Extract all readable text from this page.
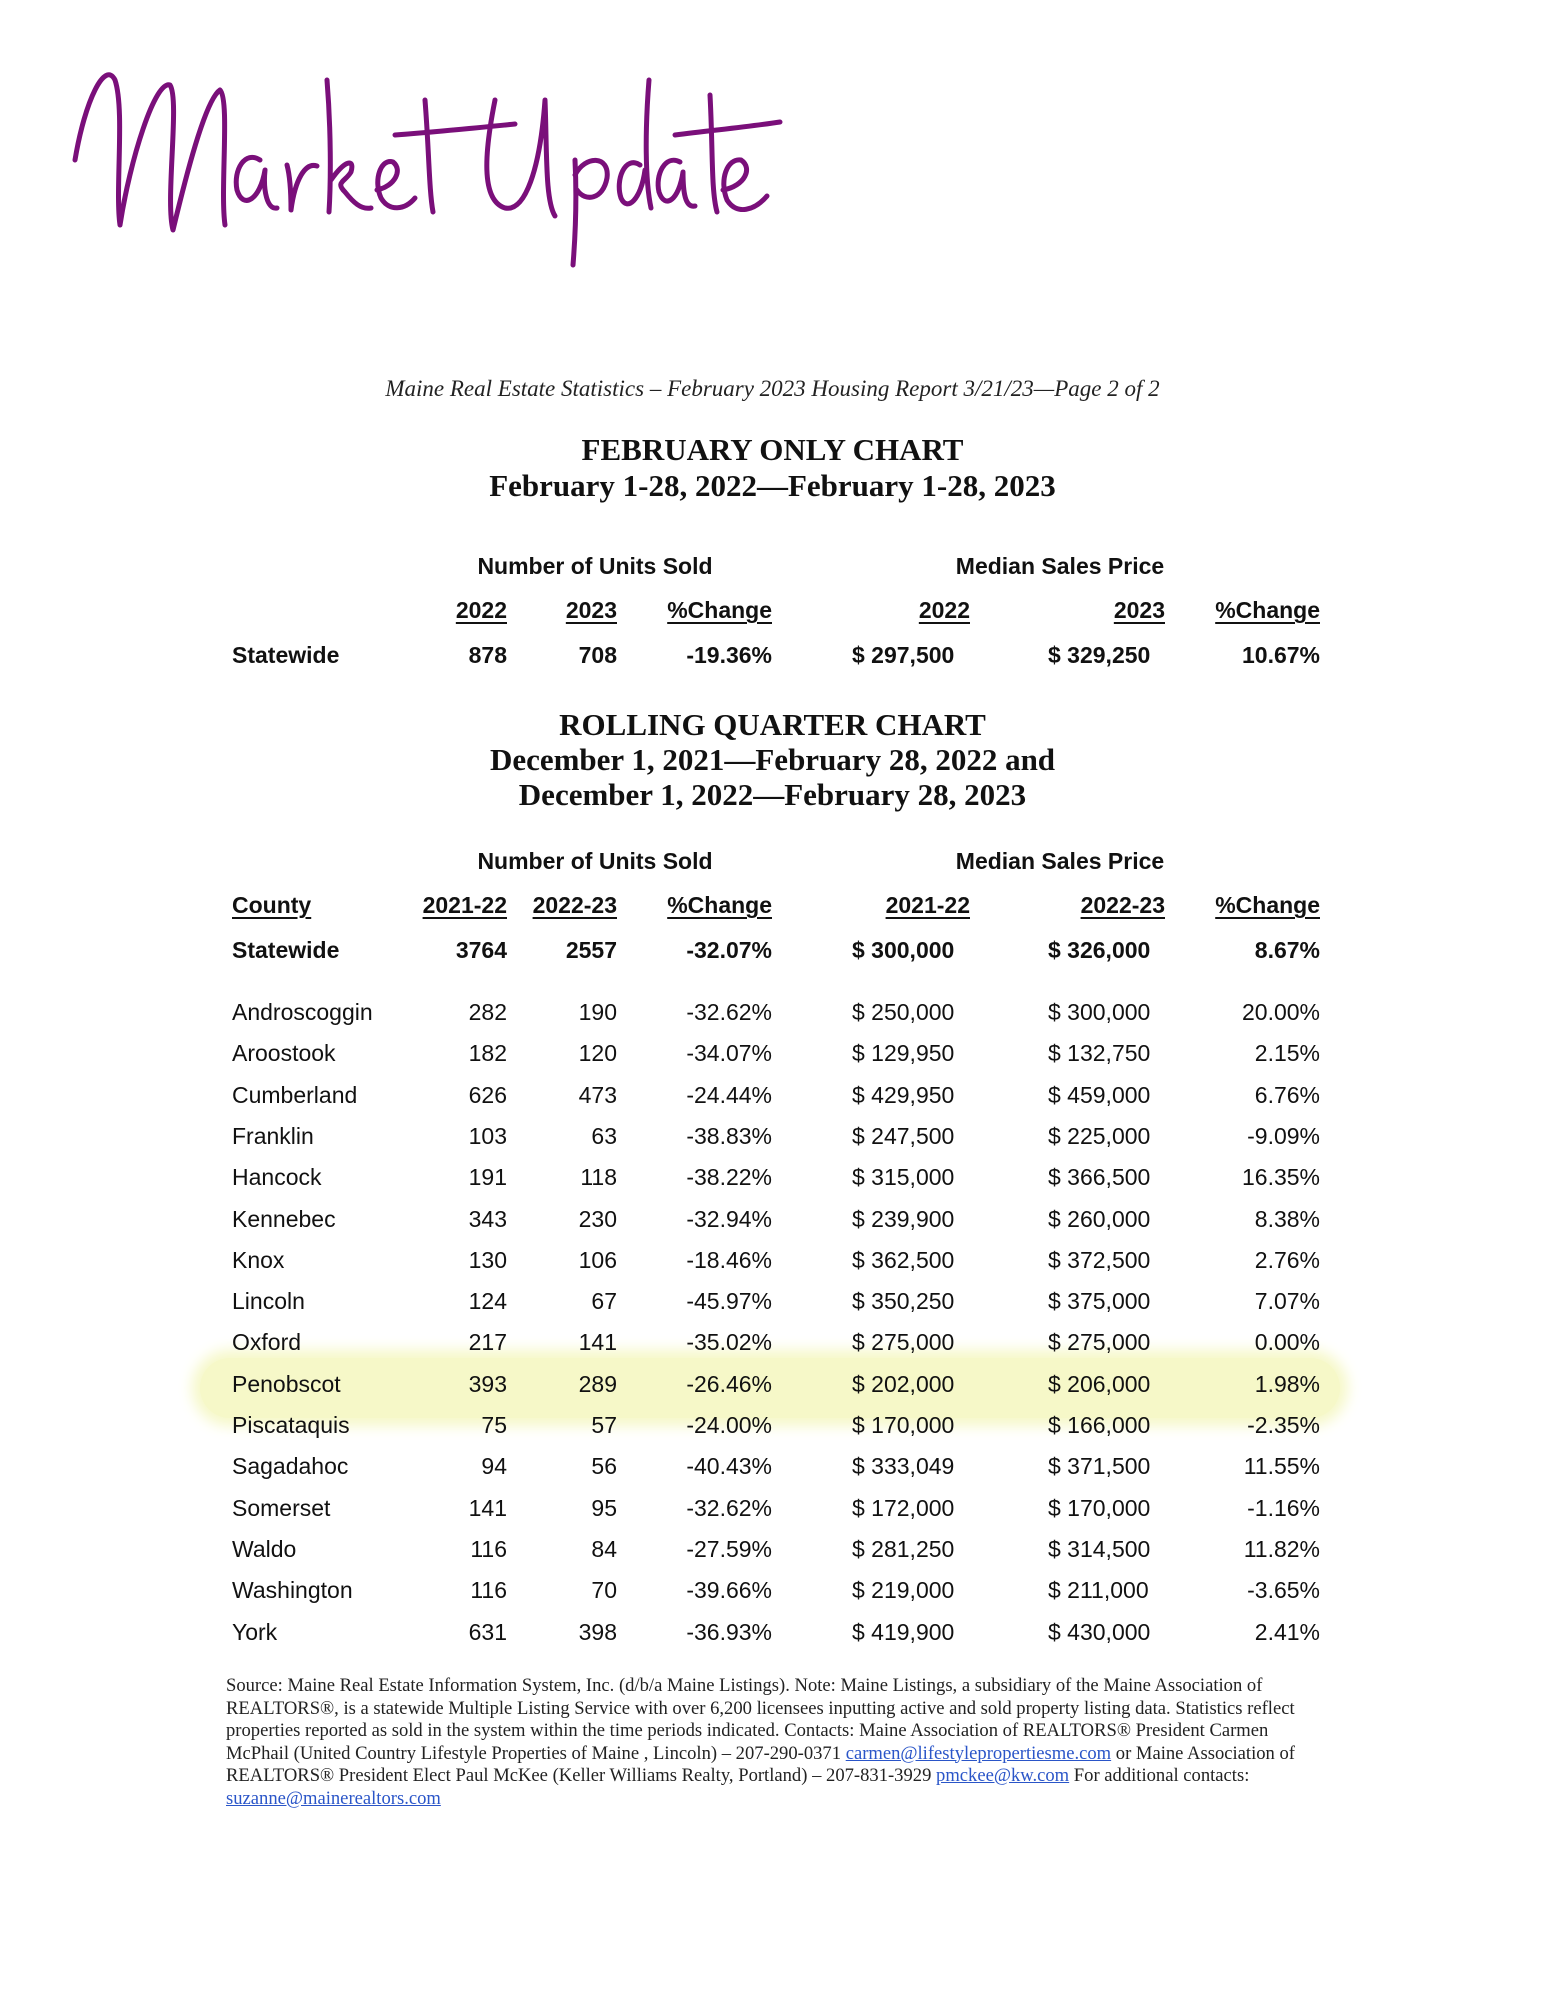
Maine Real Estate Statistics – February 2023 Housing Report 3/21/23—Page 2 of 2
FEBRUARY ONLY CHART
February 1-28, 2022—February 1-28, 2023
Number of Units Sold	Median Sales Price
2022	2023 %Change	2022	2023 %Change
Statewide	878	708	-19.36%	$ 297,500	$ 329,250	10.67%
ROLLING QUARTER CHART
December 1, 2021—February 28, 2022 and
December 1, 2022—February 28, 2023
Number of Units Sold	Median Sales Price
County	2021-22 2022-23 %Change	2021-22	2022-23 %Change
Statewide	3764	2557	-32.07%	$ 300,000	$ 326,000	8.67%
Androscoggin	282	190	-32.62%	$ 250,000	$ 300,000	20.00%
Aroostook	182	120	-34.07%	$ 129,950	$ 132,750	2.15%
Cumberland	626	473	-24.44%	$ 429,950	$ 459,000	6.76%
Franklin	103	63	-38.83%	$ 247,500	$ 225,000	-9.09%
Hancock	191	118	-38.22%	$ 315,000	$ 366,500	16.35%
Kennebec	343	230	-32.94%	$ 239,900	$ 260,000	8.38%
Knox	130	106	-18.46%	$ 362,500	$ 372,500	2.76%
Lincoln	124	67	-45.97%	$ 350,250	$ 375,000	7.07%
Oxford	217	141	-35.02%	$ 275,000	$ 275,000	0.00%
Penobscot	393	289	-26.46%	$ 202,000	$ 206,000	1.98%
Piscataquis	75	57	-24.00%	$ 170,000	$ 166,000	-2.35%
Sagadahoc	94	56	-40.43%	$ 333,049	$ 371,500	11.55%
Somerset	141	95	-32.62%	$ 172,000	$ 170,000	-1.16%
Waldo	116	84	-27.59%	$ 281,250	$ 314,500	11.82%
Washington	116	70	-39.66%	$ 219,000	$ 211,000	-3.65%
York	631	398	-36.93%	$ 419,900	$ 430,000	2.41%
Source: Maine Real Estate Information System, Inc. (d/b/a Maine Listings). Note: Maine Listings, a subsidiary of the Maine Association of REALTORS®, is a statewide Multiple Listing Service with over 6,200 licensees inputting active and sold property listing data. Statistics reflect properties reported as sold in the system within the time periods indicated. Contacts: Maine Association of REALTORS® President Carmen McPhail (United Country Lifestyle Properties of Maine , Lincoln) – 207-290-0371 carmen@lifestylepropertiesme.com or Maine Association of REALTORS® President Elect Paul McKee (Keller Williams Realty, Portland) – 207-831-3929 pmckee@kw.com For additional contacts: suzanne@mainerealtors.com
